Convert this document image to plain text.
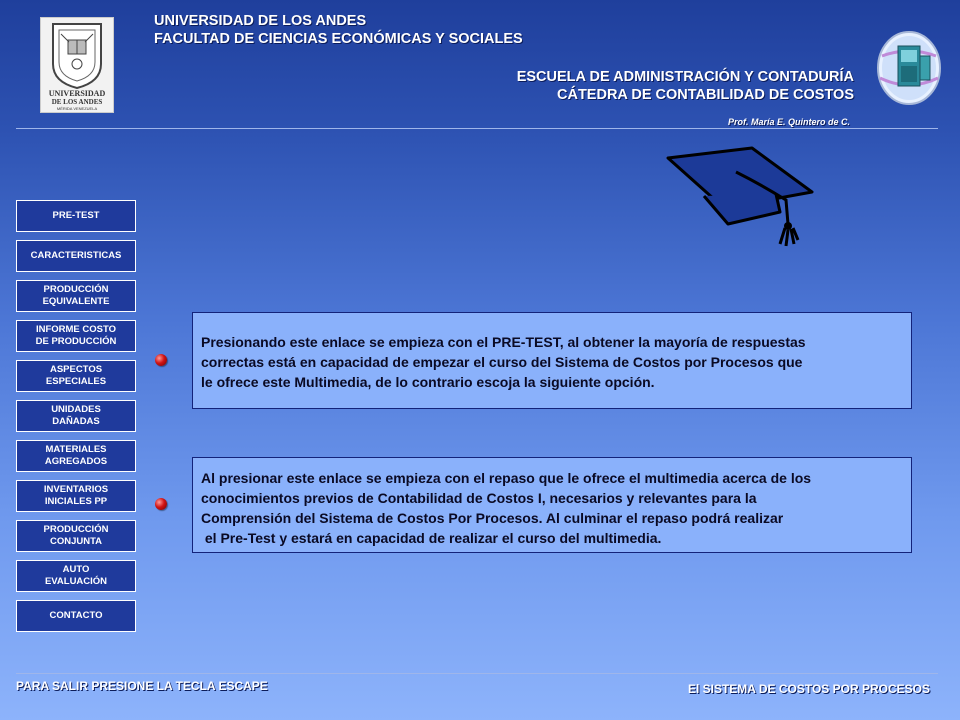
UNIVERSIDAD
DE LOS ANDES
MÉRIDA VENEZUELA
UNIVERSIDAD DE LOS ANDES
FACULTAD DE CIENCIAS ECONÓMICAS Y SOCIALES
ESCUELA DE ADMINISTRACIÓN Y CONTADURÍA
CÁTEDRA DE CONTABILIDAD DE COSTOS
Prof. María E. Quintero de C.
PRE-TEST
CARACTERISTICAS
PRODUCCIÓN
EQUIVALENTE
INFORME COSTO
DE PRODUCCIÓN
ASPECTOS
ESPECIALES
UNIDADES
DAÑADAS
MATERIALES
AGREGADOS
INVENTARIOS
INICIALES PP
PRODUCCIÓN
CONJUNTA
AUTO
EVALUACIÓN
CONTACTO
Presionando este enlace se empieza con el PRE-TEST, al obtener la mayoría de respuestas
correctas está en capacidad de empezar el curso del Sistema de Costos por Procesos que
le ofrece este Multimedia, de lo contrario escoja la siguiente opción.
Al presionar este enlace se empieza con el repaso que le ofrece el multimedia acerca de los
conocimientos previos de Contabilidad de Costos I, necesarios y relevantes para la
Comprensión del Sistema de Costos Por Procesos. Al culminar el repaso podrá realizar
el Pre-Test y estará en capacidad de realizar el curso del multimedia.
PARA SALIR PRESIONE LA TECLA ESCAPE	El SISTEMA DE COSTOS POR PROCESOS
